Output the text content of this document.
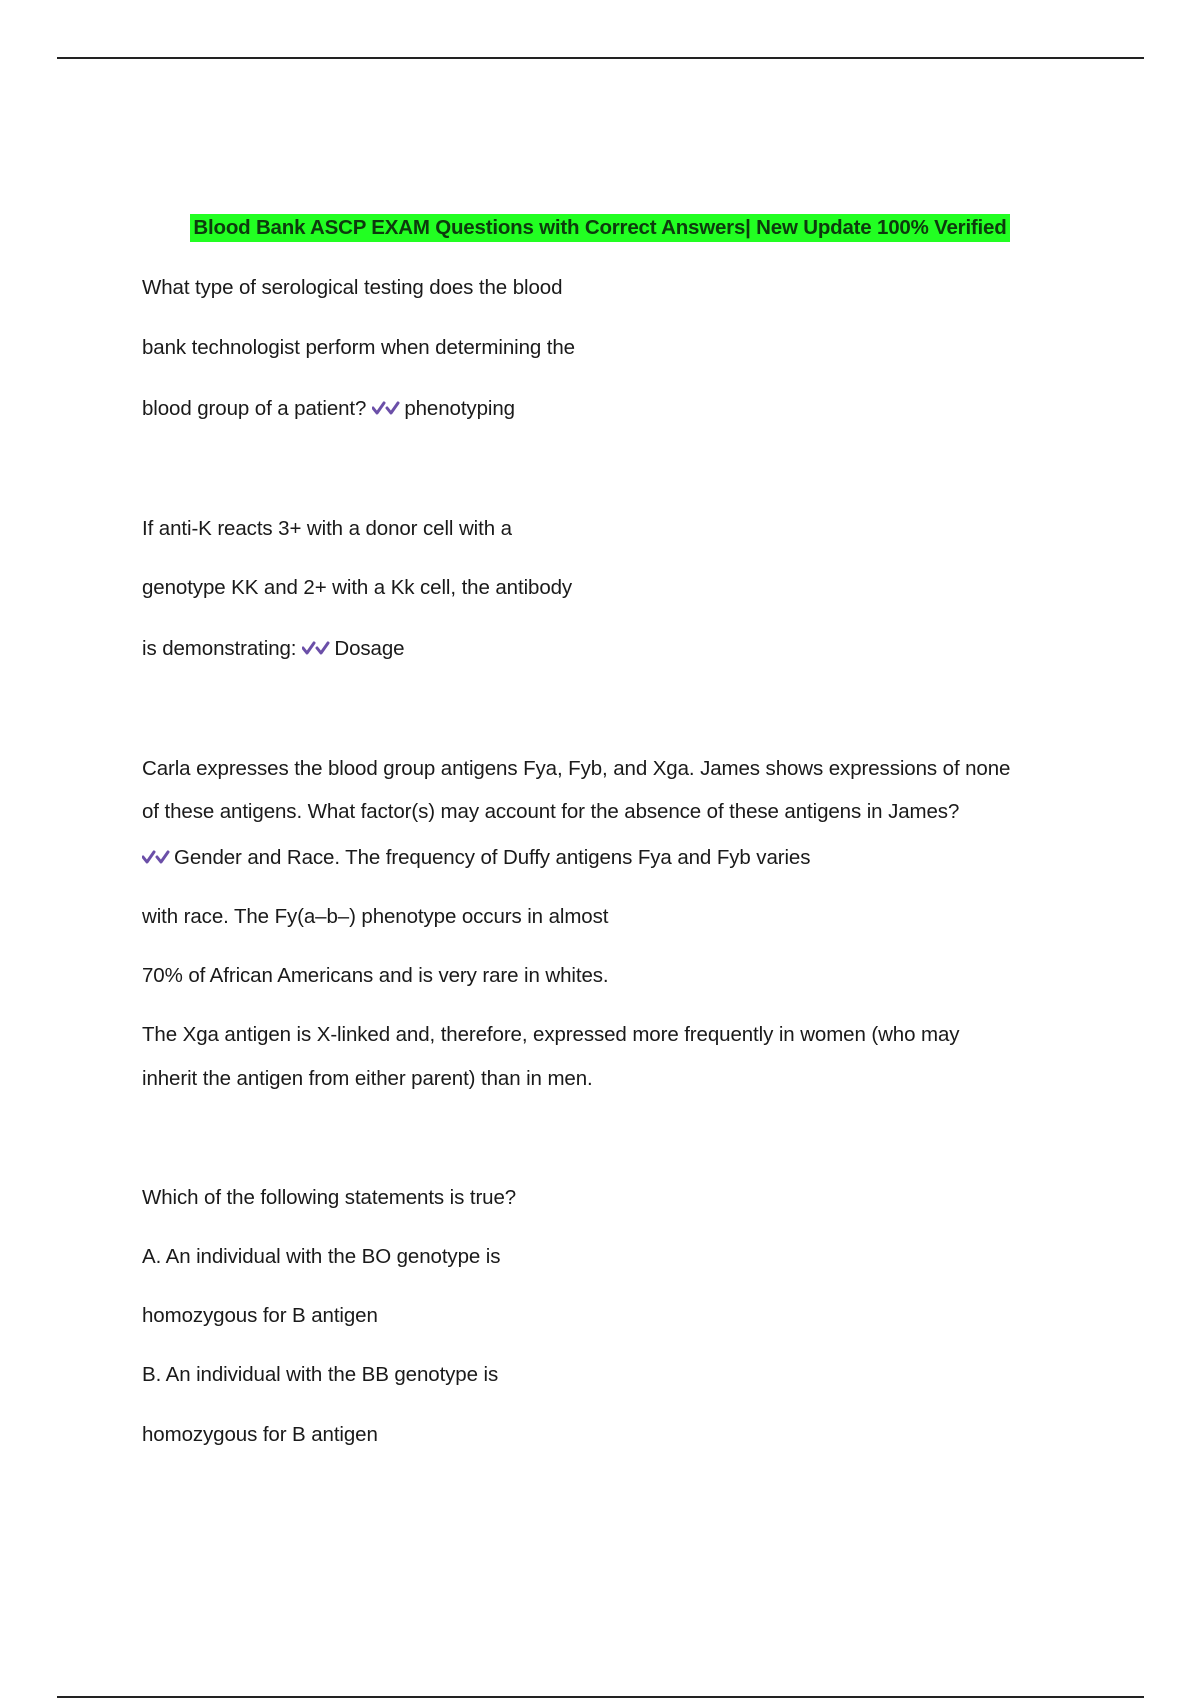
Blood Bank ASCP EXAM Questions with Correct Answers| New Update 100% Verified
What type of serological testing does the blood
bank technologist perform when determining the
blood group of a patient? phenotyping
If anti-K reacts 3+ with a donor cell with a
genotype KK and 2+ with a Kk cell, the antibody
is demonstrating: Dosage
Carla expresses the blood group antigens Fya, Fyb, and Xga. James shows expressions of none
of these antigens. What factor(s) may account for the absence of these antigens in James?
Gender and Race. The frequency of Duffy antigens Fya and Fyb varies
with race. The Fy(a–b–) phenotype occurs in almost
70% of African Americans and is very rare in whites.
The Xga antigen is X-linked and, therefore, expressed more frequently in women (who may
inherit the antigen from either parent) than in men.
Which of the following statements is true?
A. An individual with the BO genotype is
homozygous for B antigen
B. An individual with the BB genotype is
homozygous for B antigen
